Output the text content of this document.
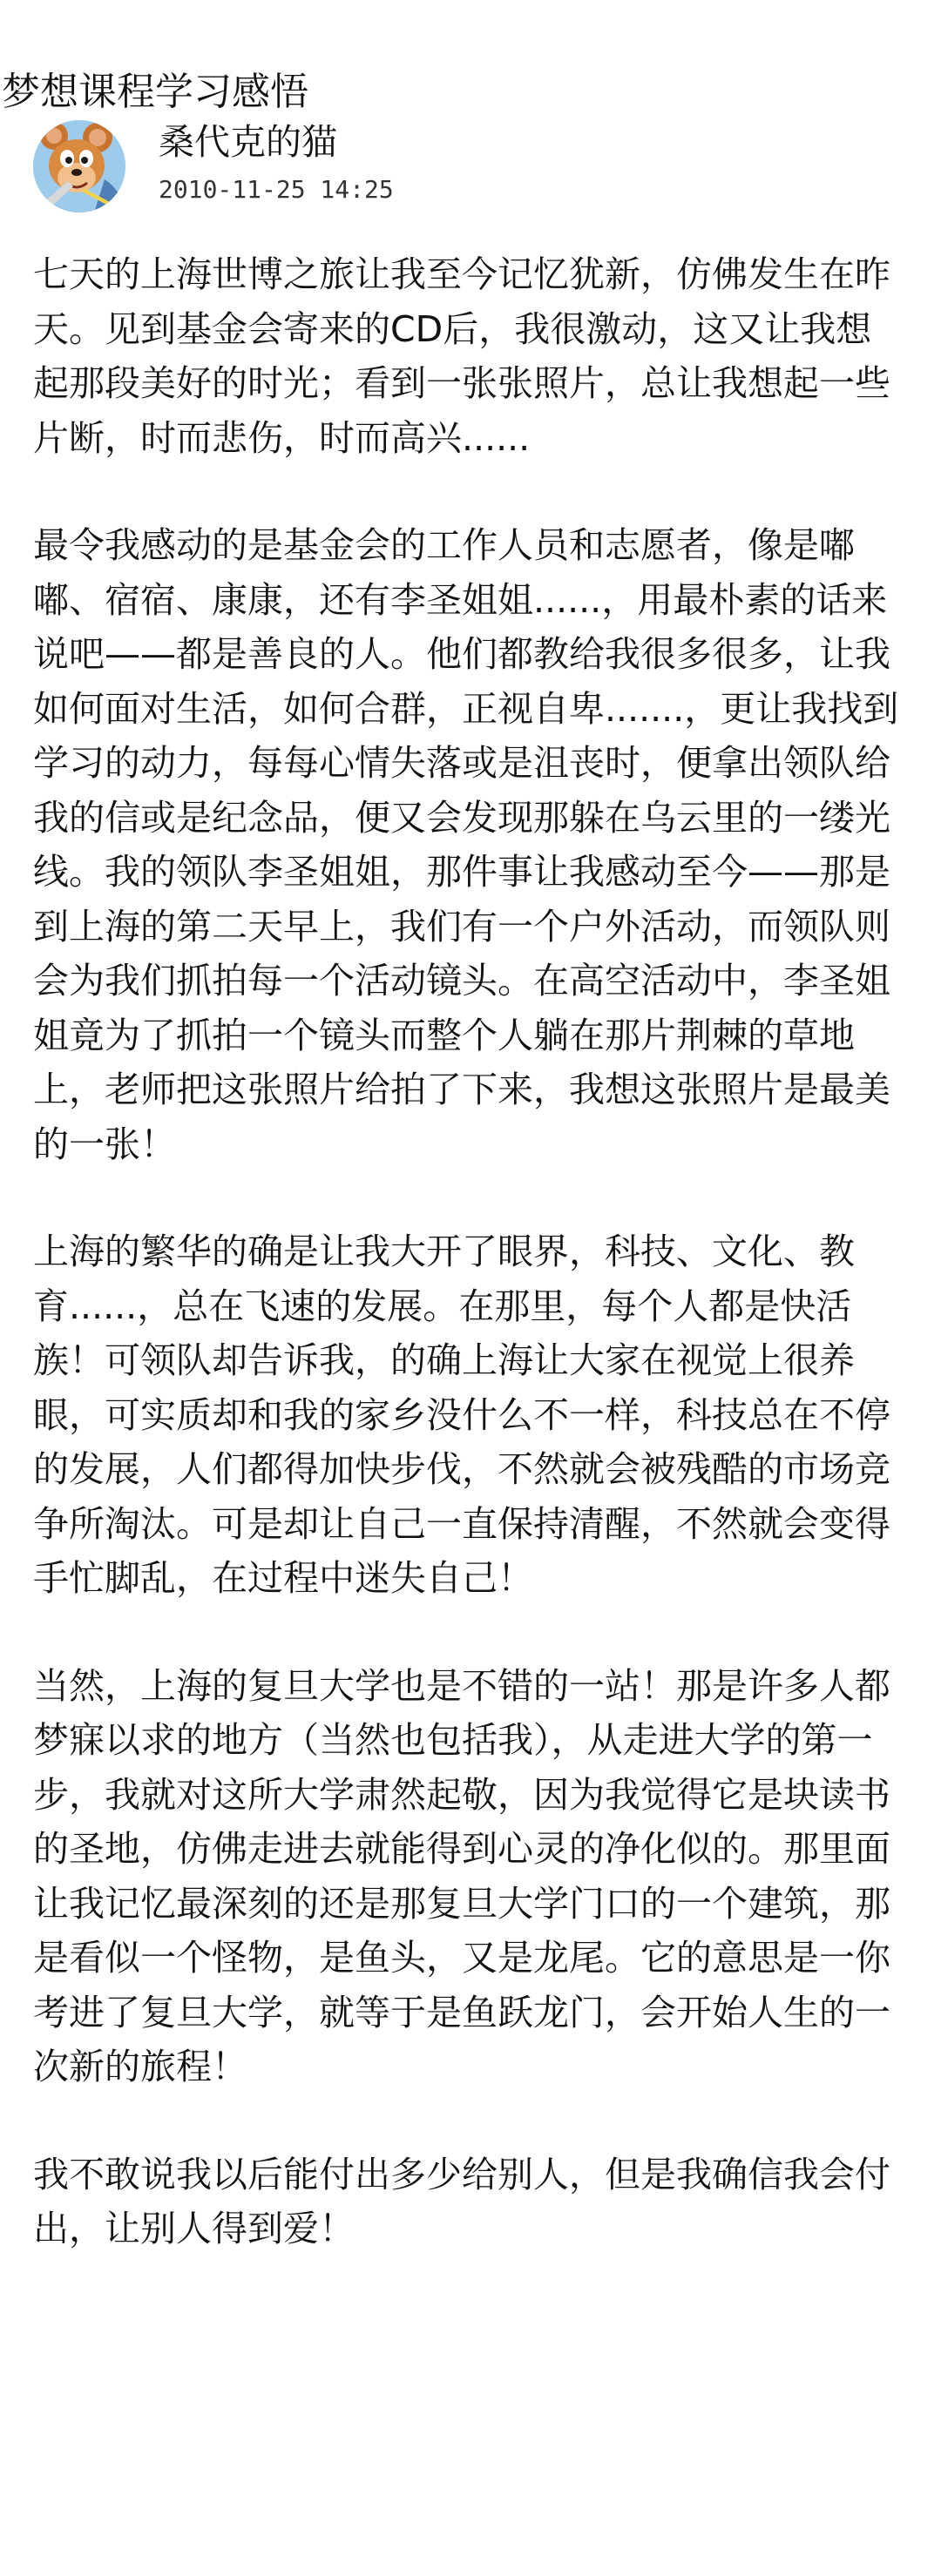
梦想课程学习感悟
桑代克的猫
2010-11-25 14:25

七天的上海世博之旅让我至今记忆犹新，仿佛发生在昨天。见到基金会寄来的CD后，我很激动，这又让我想起那段美好的时光；看到一张张照片，总让我想起一些片断，时而悲伤，时而高兴......

最令我感动的是基金会的工作人员和志愿者，像是嘟嘟、宿宿、康康，还有李圣姐姐......，用最朴素的话来说吧——都是善良的人。他们都教给我很多很多，让我如何面对生活，如何合群，正视自卑.......，更让我找到学习的动力，每每心情失落或是沮丧时，便拿出领队给我的信或是纪念品，便又会发现那躲在乌云里的一缕光线。我的领队李圣姐姐，那件事让我感动至今——那是到上海的第二天早上，我们有一个户外活动，而领队则会为我们抓拍每一个活动镜头。在高空活动中，李圣姐姐竟为了抓拍一个镜头而整个人躺在那片荆棘的草地上，老师把这张照片给拍了下来，我想这张照片是最美的一张！

上海的繁华的确是让我大开了眼界，科技、文化、教育......，总在飞速的发展。在那里，每个人都是快活族！可领队却告诉我，的确上海让大家在视觉上很养眼，可实质却和我的家乡没什么不一样，科技总在不停的发展，人们都得加快步伐，不然就会被残酷的市场竞争所淘汰。可是却让自己一直保持清醒，不然就会变得手忙脚乱，在过程中迷失自己！

当然，上海的复旦大学也是不错的一站！那是许多人都梦寐以求的地方（当然也包括我），从走进大学的第一步，我就对这所大学肃然起敬，因为我觉得它是块读书的圣地，仿佛走进去就能得到心灵的净化似的。那里面让我记忆最深刻的还是那复旦大学门口的一个建筑，那是看似一个怪物，是鱼头，又是龙尾。它的意思是一你考进了复旦大学，就等于是鱼跃龙门，会开始人生的一次新的旅程！

我不敢说我以后能付出多少给别人，但是我确信我会付出，让别人得到爱！
